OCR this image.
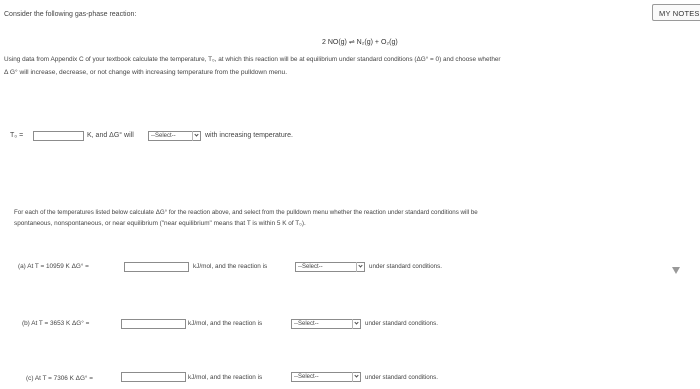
MY NOTES
Consider the following gas-phase reaction:
2 NO(g) ⇌ N₂(g) + O₂(g)
Using data from Appendix C of your textbook calculate the temperature, T₀, at which this reaction will be at equilibrium under standard conditions (ΔG° = 0) and choose whether
Δ G° will increase, decrease, or not change with increasing temperature from the pulldown menu.
T₀ =	K, and ΔG° will	--Select--	with increasing temperature.
For each of the temperatures listed below calculate ΔG° for the reaction above, and select from the pulldown menu whether the reaction under standard conditions will be
spontaneous, nonspontaneous, or near equilibrium ("near equilibrium" means that T is within 5 K of T₀).
(a) At T = 10959 K ΔG° =	kJ/mol, and the reaction is	--Select--	under standard conditions.
(b) At T = 3653 K ΔG° =	kJ/mol, and the reaction is	--Select--	under standard conditions.
(c) At T = 7306 K ΔG° =	kJ/mol, and the reaction is	--Select--	under standard conditions.
